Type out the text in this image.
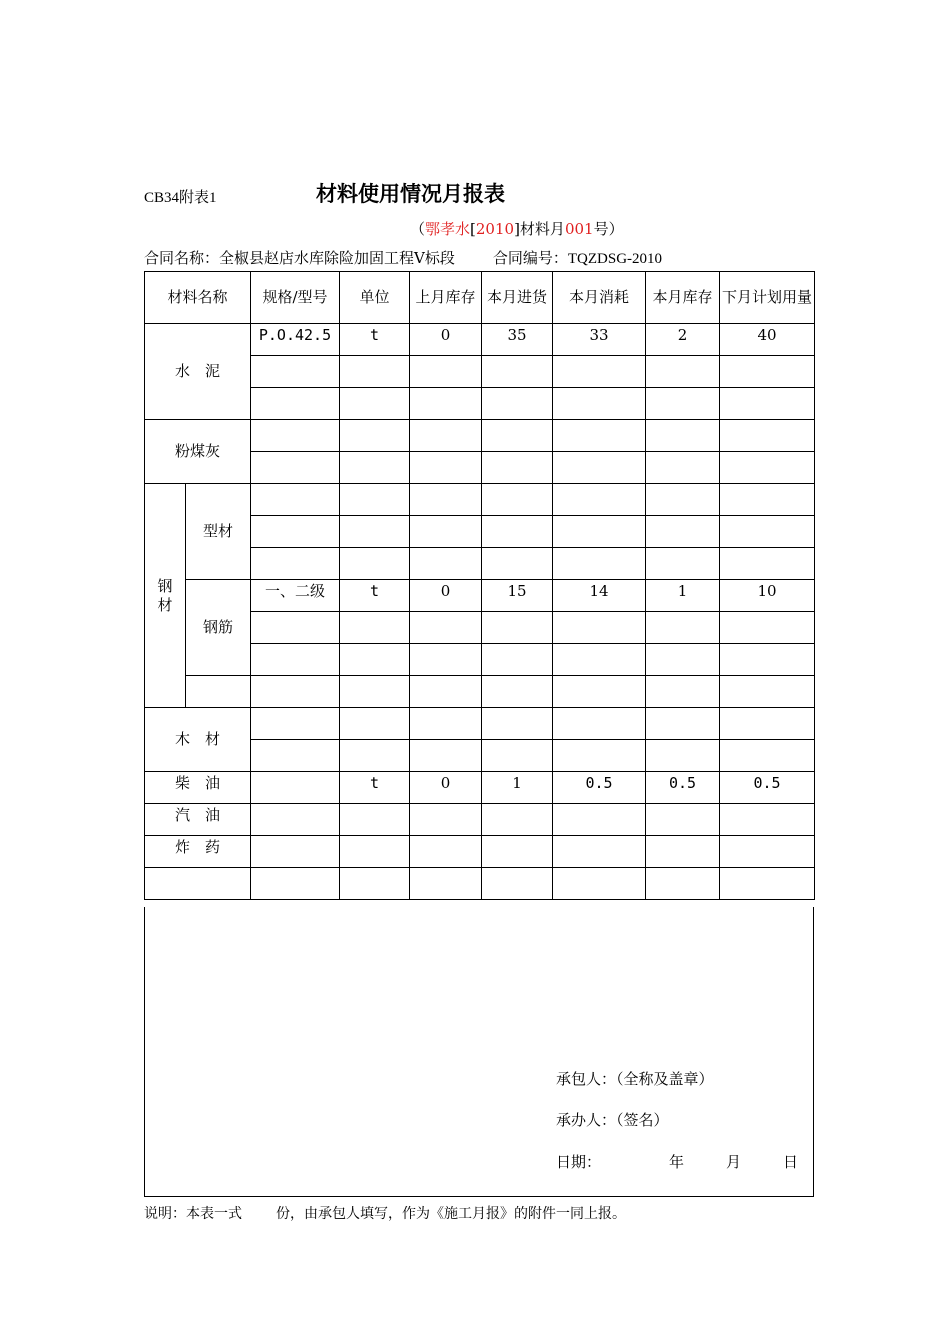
CB34附表1	材料使用情况月报表
（鄂孝水[2010]材料月001号）
合同名称：全椒县赵店水库除险加固工程Ⅴ标段	合同编号：TQZDSG-2010
材料名称		规格/型号	单位	上月库存	本月进货	本月消耗	本月库存	下月计划用量
水　泥		P.O.42.5	t	0	35	33	2	40

粉煤灰								

钢材	型材							

	钢筋	一、二级	t	0	15	14	1	10

木　材								

柴　油			t	0	1	0.5	0.5	0.5
汽　油								
炸　药								

承包人：（全称及盖章）
承办人：（签名）
日期：	年	月	日
说明：本表一式 份，由承包人填写，作为《施工月报》的附件一同上报。
